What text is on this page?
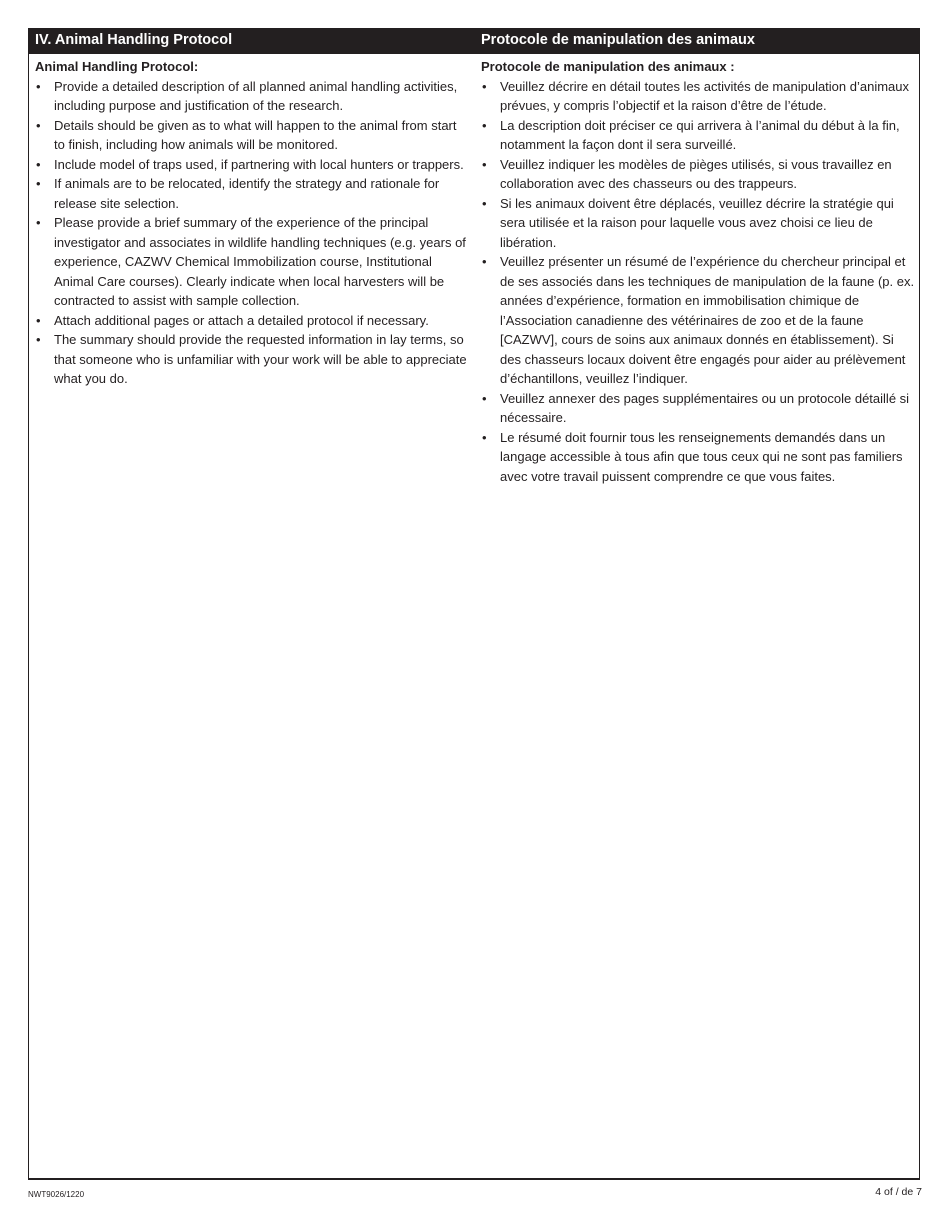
IV. Animal Handling Protocol	Protocole de manipulation des animaux
Animal Handling Protocol:
• Provide a detailed description of all planned animal handling activities, including purpose and justification of the research.
• Details should be given as to what will happen to the animal from start to finish, including how animals will be monitored.
• Include model of traps used, if partnering with local hunters or trappers.
• If animals are to be relocated, identify the strategy and rationale for release site selection.
• Please provide a brief summary of the experience of the principal investigator and associates in wildlife handling techniques (e.g. years of experience, CAZWV Chemical Immobilization course, Institutional Animal Care courses). Clearly indicate when local harvesters will be contracted to assist with sample collection.
• Attach additional pages or attach a detailed protocol if necessary.
• The summary should provide the requested information in lay terms, so that someone who is unfamiliar with your work will be able to appreciate what you do.
Protocole de manipulation des animaux :
• Veuillez décrire en détail toutes les activités de manipulation d’animaux prévues, y compris l’objectif et la raison d’être de l’étude.
• La description doit préciser ce qui arrivera à l’animal du début à la fin, notamment la façon dont il sera surveillé.
• Veuillez indiquer les modèles de pièges utilisés, si vous travaillez en collaboration avec des chasseurs ou des trappeurs.
• Si les animaux doivent être déplacés, veuillez décrire la stratégie qui sera utilisée et la raison pour laquelle vous avez choisi ce lieu de libération.
• Veuillez présenter un résumé de l’expérience du chercheur principal et de ses associés dans les techniques de manipulation de la faune (p. ex. années d’expérience, formation en immobilisation chimique de l’Association canadienne des vétérinaires de zoo et de la faune [CAZWV], cours de soins aux animaux donnés en établissement). Si des chasseurs locaux doivent être engagés pour aider au prélèvement d’échantillons, veuillez l’indiquer.
• Veuillez annexer des pages supplémentaires ou un protocole détaillé si nécessaire.
• Le résumé doit fournir tous les renseignements demandés dans un langage accessible à tous afin que tous ceux qui ne sont pas familiers avec votre travail puissent comprendre ce que vous faites.
NWT9026/1220	4 of / de 7
